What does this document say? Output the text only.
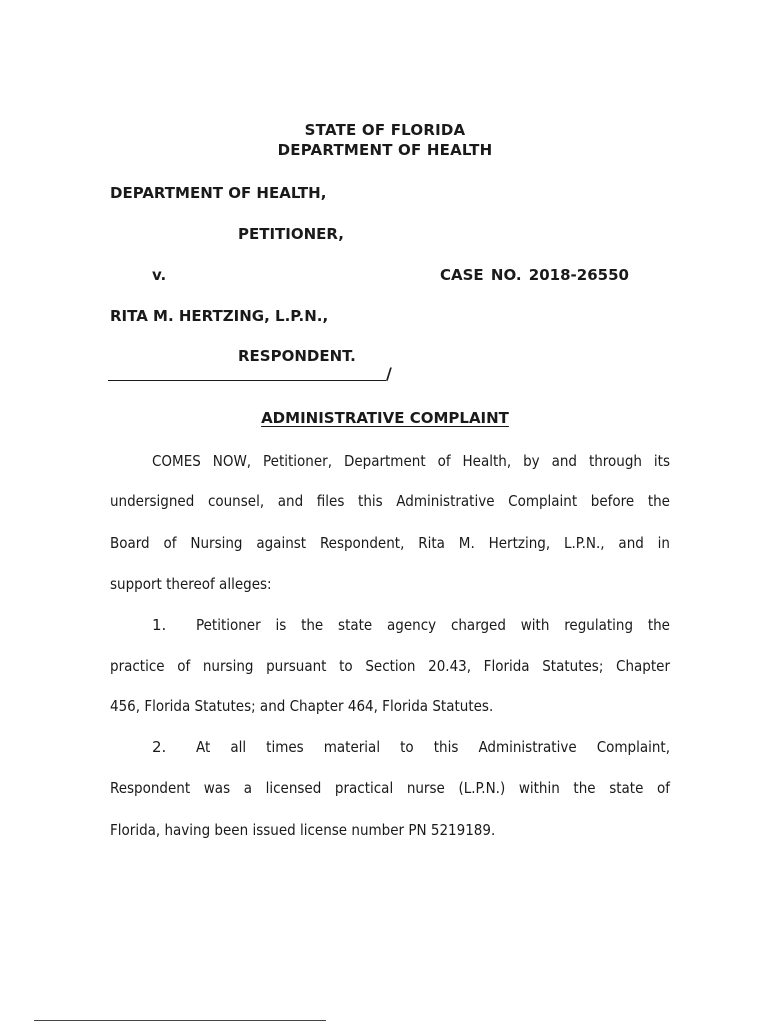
STATE OF FLORIDA
DEPARTMENT OF HEALTH
DEPARTMENT OF HEALTH,
PETITIONER,
v.	CASE NO. 2018-26550
RITA M. HERTZING, L.P.N.,
RESPONDENT.
/
ADMINISTRATIVE COMPLAINT
COMES NOW, Petitioner, Department of Health, by and through its
undersigned counsel, and files this Administrative Complaint before the
Board of Nursing against Respondent, Rita M. Hertzing, L.P.N., and in
support thereof alleges:
1. Petitioner is the state agency charged with regulating the
practice of nursing pursuant to Section 20.43, Florida Statutes; Chapter
456, Florida Statutes; and Chapter 464, Florida Statutes.
2. At all times material to this Administrative Complaint,
Respondent was a licensed practical nurse (L.P.N.) within the state of
Florida, having been issued license number PN 5219189.
